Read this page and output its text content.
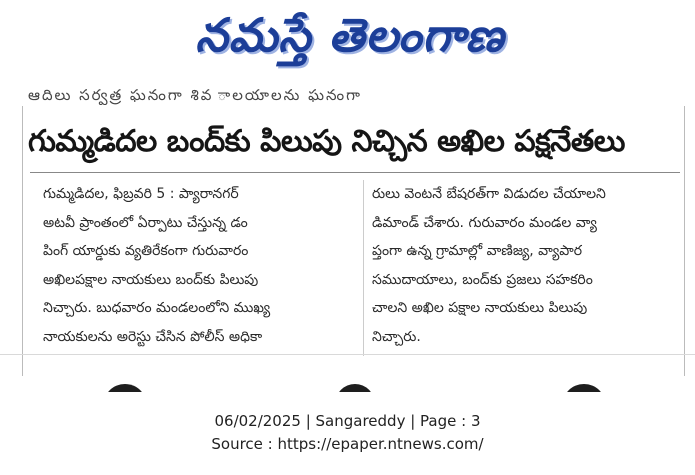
నమస్తే తెలంగాణ
ఆదిలు సర్వత్ర ఘనంగా శివ ాలయాలను ఘనంగా
గుమ్మడిదల బంద్‌కు పిలుపు నిచ్చిన అఖిల పక్షనేతలు
గుమ్మడిదల, ఫిబ్రవరి 5 : ప్యారానగర్
అటవీ ప్రాంతంలో ఏర్పాటు చేస్తున్న డం
పింగ్ యార్డుకు వ్యతిరేకంగా గురువారం
అఖిలపక్షాల నాయకులు బంద్‌కు పిలుపు
నిచ్చారు. బుధవారం మండలంలోని ముఖ్య
నాయకులను అరెస్టు చేసిన పోలీస్ అధికా
రులు వెంటనే బేషరత్‌గా విడుదల చేయాలని
డిమాండ్ చేశారు. గురువారం మండల వ్యా
ప్తంగా ఉన్న గ్రామాల్లో వాణిజ్య, వ్యాపార
సముదాయాలు, బంద్‌కు ప్రజలు సహకరిం
చాలని అఖిల పక్షాల నాయకులు పిలుపు
నిచ్చారు.
06/02/2025 | Sangareddy | Page : 3
Source : https://epaper.ntnews.com/
